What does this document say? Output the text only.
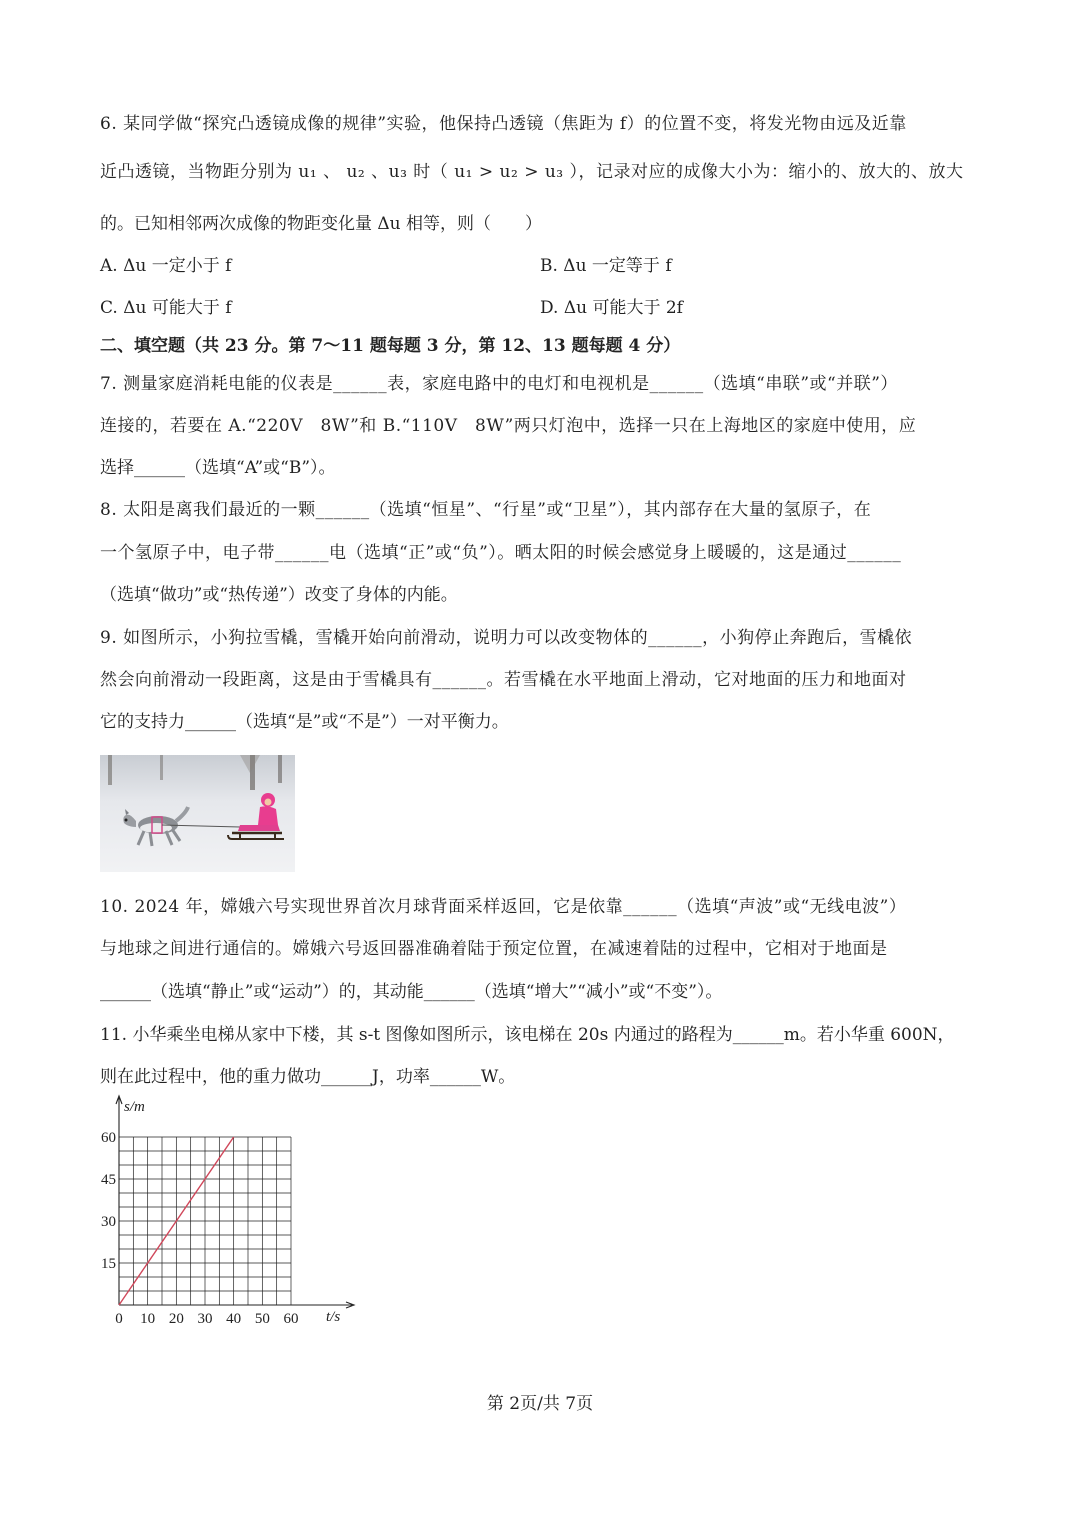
6. 某同学做“探究凸透镜成像的规律”实验，他保持凸透镜（焦距为 f）的位置不变，将发光物由远及近靠
近凸透镜，当物距分别为 u₁ 、 u₂ 、u₃ 时（ u₁ > u₂ > u₃ ），记录对应的成像大小为：缩小的、放大的、放大
的。已知相邻两次成像的物距变化量 Δu 相等，则（　　）
A. Δu 一定小于 f	B. Δu 一定等于 f
C. Δu 可能大于 f	D. Δu 可能大于 2f
二、填空题（共 23 分。第 7～11 题每题 3 分，第 12、13 题每题 4 分）
7. 测量家庭消耗电能的仪表是______表，家庭电路中的电灯和电视机是______（选填“串联”或“并联”）
连接的，若要在 A.“220V　8W”和 B.“110V　8W”两只灯泡中，选择一只在上海地区的家庭中使用，应
选择______（选填“A”或“B”）。
8. 太阳是离我们最近的一颗______（选填“恒星”、“行星”或“卫星”），其内部存在大量的氢原子，在
一个氢原子中，电子带______电（选填“正”或“负”）。晒太阳的时候会感觉身上暖暖的，这是通过______
（选填“做功”或“热传递”）改变了身体的内能。
9. 如图所示，小狗拉雪橇，雪橇开始向前滑动，说明力可以改变物体的______，小狗停止奔跑后，雪橇依
然会向前滑动一段距离，这是由于雪橇具有______。若雪橇在水平地面上滑动，它对地面的压力和地面对
它的支持力______（选填“是”或“不是”）一对平衡力。
10. 2024 年，嫦娥六号实现世界首次月球背面采样返回，它是依靠______（选填“声波”或“无线电波”）
与地球之间进行通信的。嫦娥六号返回器准确着陆于预定位置，在减速着陆的过程中，它相对于地面是
______（选填“静止”或“运动”）的，其动能______（选填“增大”“减小”或“不变”）。
11. 小华乘坐电梯从家中下楼，其 s-t 图像如图所示，该电梯在 20s 内通过的路程为______m。若小华重 600N，
则在此过程中，他的重力做功______J，功率______W。
0 10 20 30 40 50 60
15
30
45
60
s/m
t/s
第 2页/共 7页
